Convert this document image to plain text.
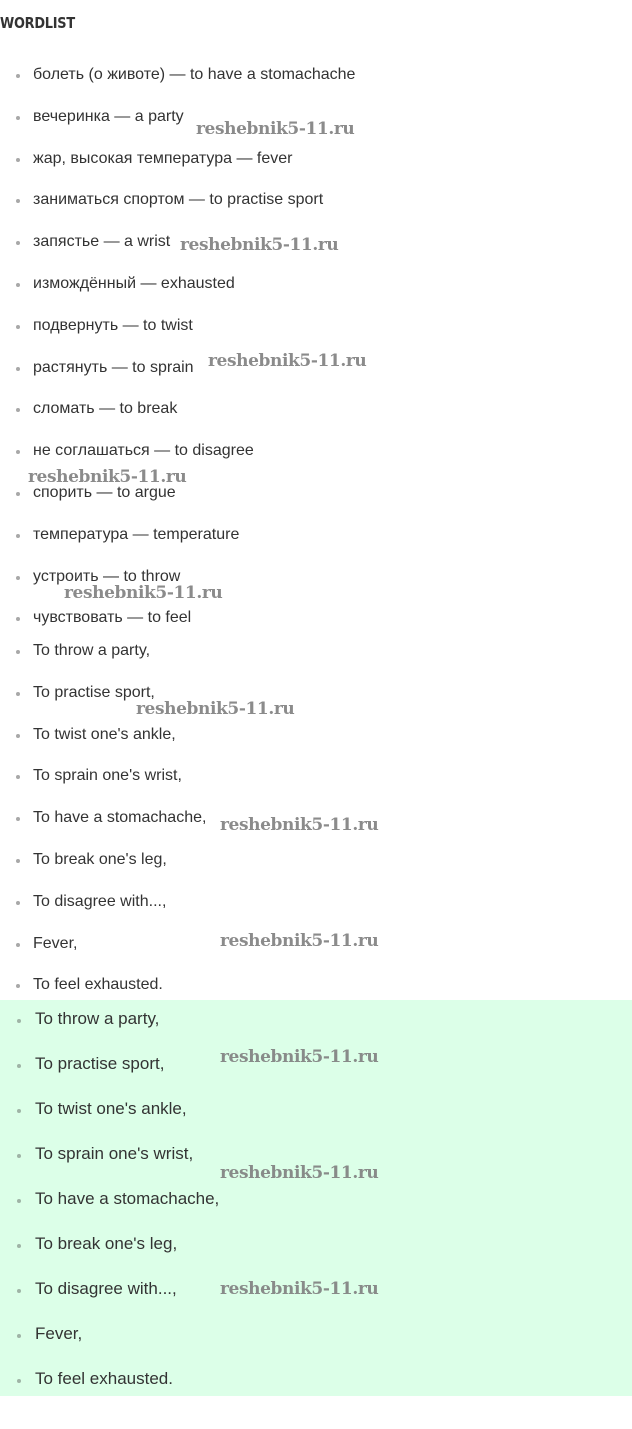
WORDLIST
болеть (о животе) — to have a stomachache
вечеринка — a party
жар, высокая температура — fever
заниматься спортом — to practise sport
запястье — a wrist
измождённый — exhausted
подвернуть — to twist
растянуть — to sprain
сломать — to break
не соглашаться — to disagree
спорить — to argue
температура — temperature
устроить — to throw
чувствовать — to feel
To throw a party,
To practise sport,
To twist one's ankle,
To sprain one's wrist,
To have a stomachache,
To break one's leg,
To disagree with...,
Fever,
To feel exhausted.
To throw a party,
To practise sport,
To twist one's ankle,
To sprain one's wrist,
To have a stomachache,
To break one's leg,
To disagree with...,
Fever,
To feel exhausted.
reshebnik5-11.ru
reshebnik5-11.ru
reshebnik5-11.ru
reshebnik5-11.ru
reshebnik5-11.ru
reshebnik5-11.ru
reshebnik5-11.ru
reshebnik5-11.ru
reshebnik5-11.ru
reshebnik5-11.ru
reshebnik5-11.ru
